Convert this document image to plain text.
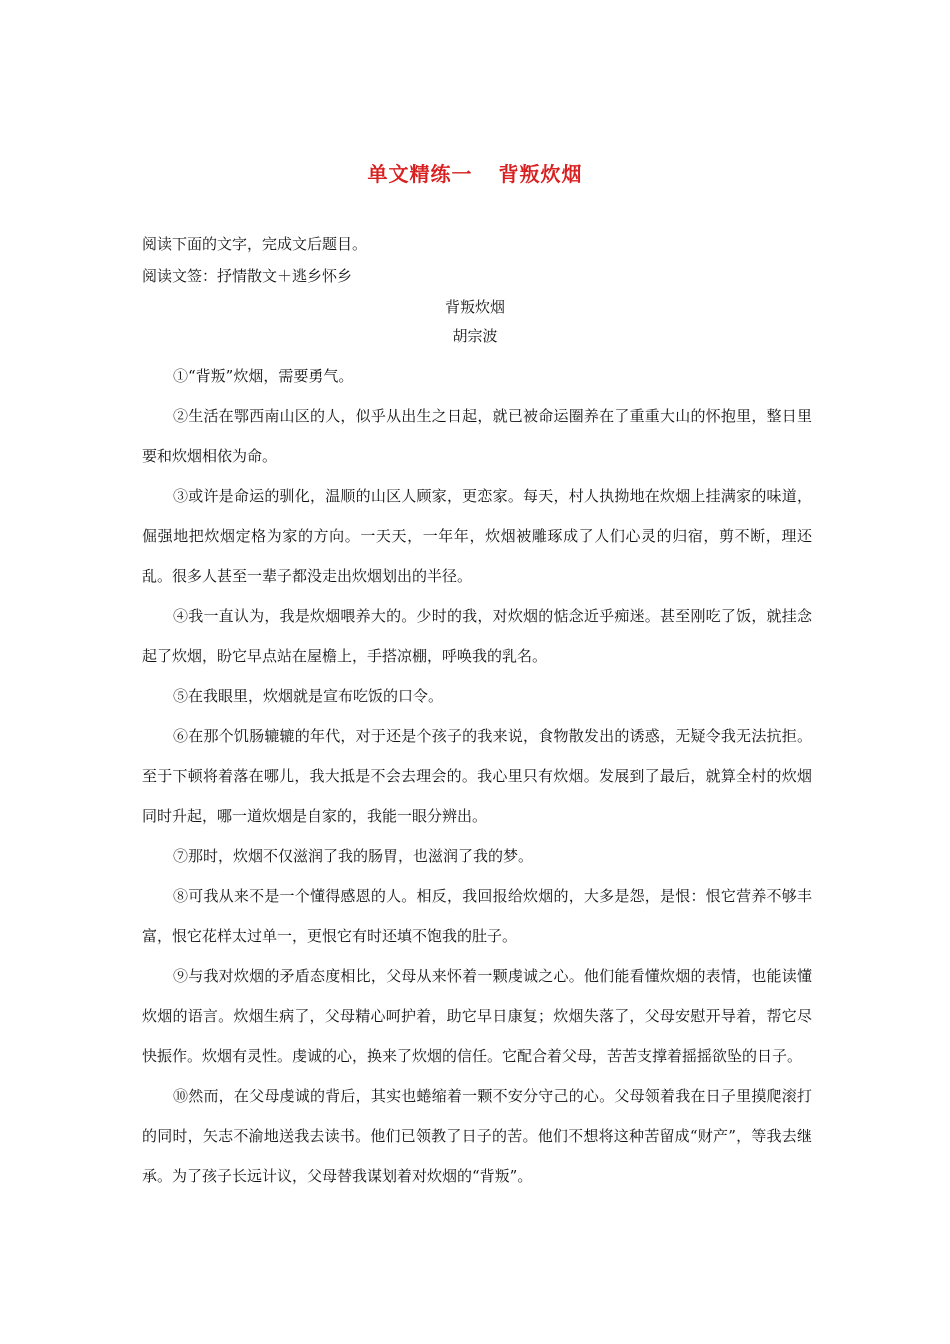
单文精练一 背叛炊烟
阅读下面的文字，完成文后题目。
阅读文签：抒情散文＋逃乡怀乡
背叛炊烟
胡宗波

①“背叛”炊烟，需要勇气。

②生活在鄂西南山区的人，似乎从出生之日起，就已被命运圈养在了重重大山的怀抱里，整日里要和炊烟相依为命。

③或许是命运的驯化，温顺的山区人顾家，更恋家。每天，村人执拗地在炊烟上挂满家的味道，倔强地把炊烟定格为家的方向。一天天，一年年，炊烟被雕琢成了人们心灵的归宿，剪不断，理还乱。很多人甚至一辈子都没走出炊烟划出的半径。

④我一直认为，我是炊烟喂养大的。少时的我，对炊烟的惦念近乎痴迷。甚至刚吃了饭，就挂念起了炊烟，盼它早点站在屋檐上，手搭凉棚，呼唤我的乳名。

⑤在我眼里，炊烟就是宣布吃饭的口令。

⑥在那个饥肠辘辘的年代，对于还是个孩子的我来说，食物散发出的诱惑，无疑令我无法抗拒。至于下顿将着落在哪儿，我大抵是不会去理会的。我心里只有炊烟。发展到了最后，就算全村的炊烟同时升起，哪一道炊烟是自家的，我能一眼分辨出。

⑦那时，炊烟不仅滋润了我的肠胃，也滋润了我的梦。

⑧可我从来不是一个懂得感恩的人。相反，我回报给炊烟的，大多是怨，是恨：恨它营养不够丰富，恨它花样太过单一，更恨它有时还填不饱我的肚子。

⑨与我对炊烟的矛盾态度相比，父母从来怀着一颗虔诚之心。他们能看懂炊烟的表情，也能读懂炊烟的语言。炊烟生病了，父母精心呵护着，助它早日康复；炊烟失落了，父母安慰开导着，帮它尽快振作。炊烟有灵性。虔诚的心，换来了炊烟的信任。它配合着父母，苦苦支撑着摇摇欲坠的日子。

⑩然而，在父母虔诚的背后，其实也蜷缩着一颗不安分守己的心。父母领着我在日子里摸爬滚打的同时，矢志不渝地送我去读书。他们已领教了日子的苦。他们不想将这种苦留成“财产”，等我去继承。为了孩子长远计议，父母替我谋划着对炊烟的“背叛”。
